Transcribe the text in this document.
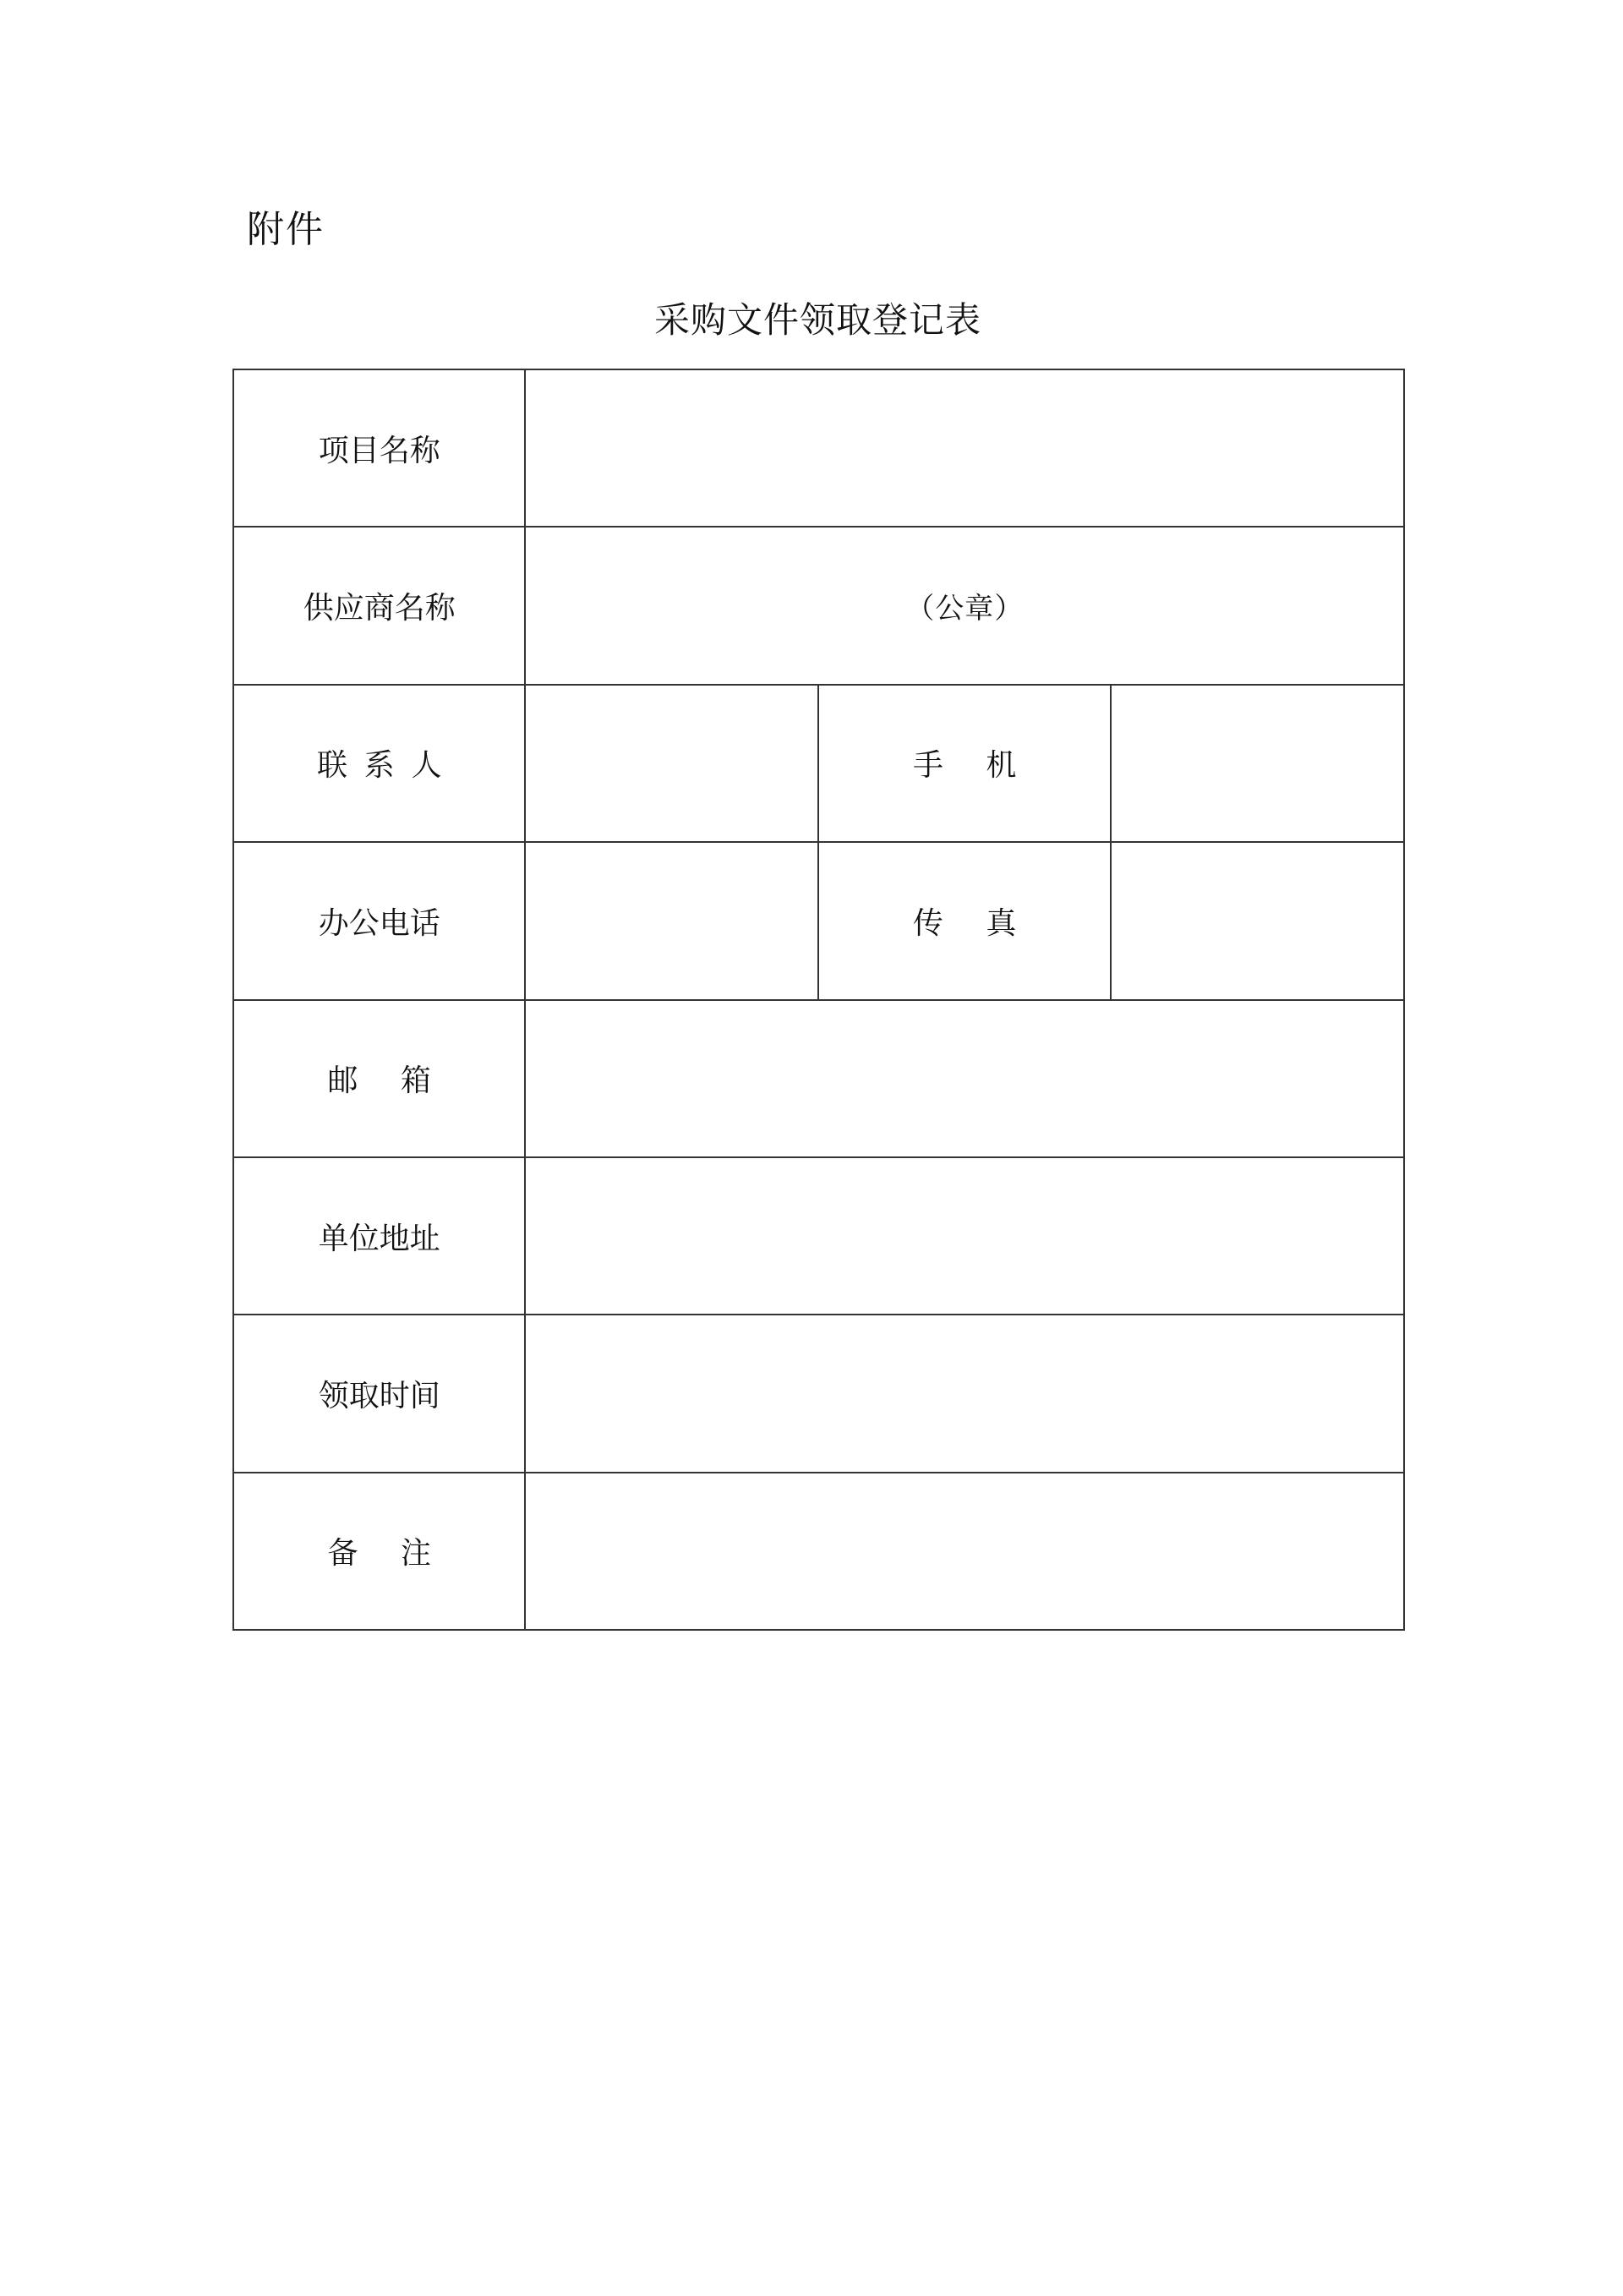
附件
采购文件领取登记表
项目名称			
供应商名称	（公章）		
联系人		手机	
办公电话		传真	
邮箱			
单位地址			
领取时间			
备注			
